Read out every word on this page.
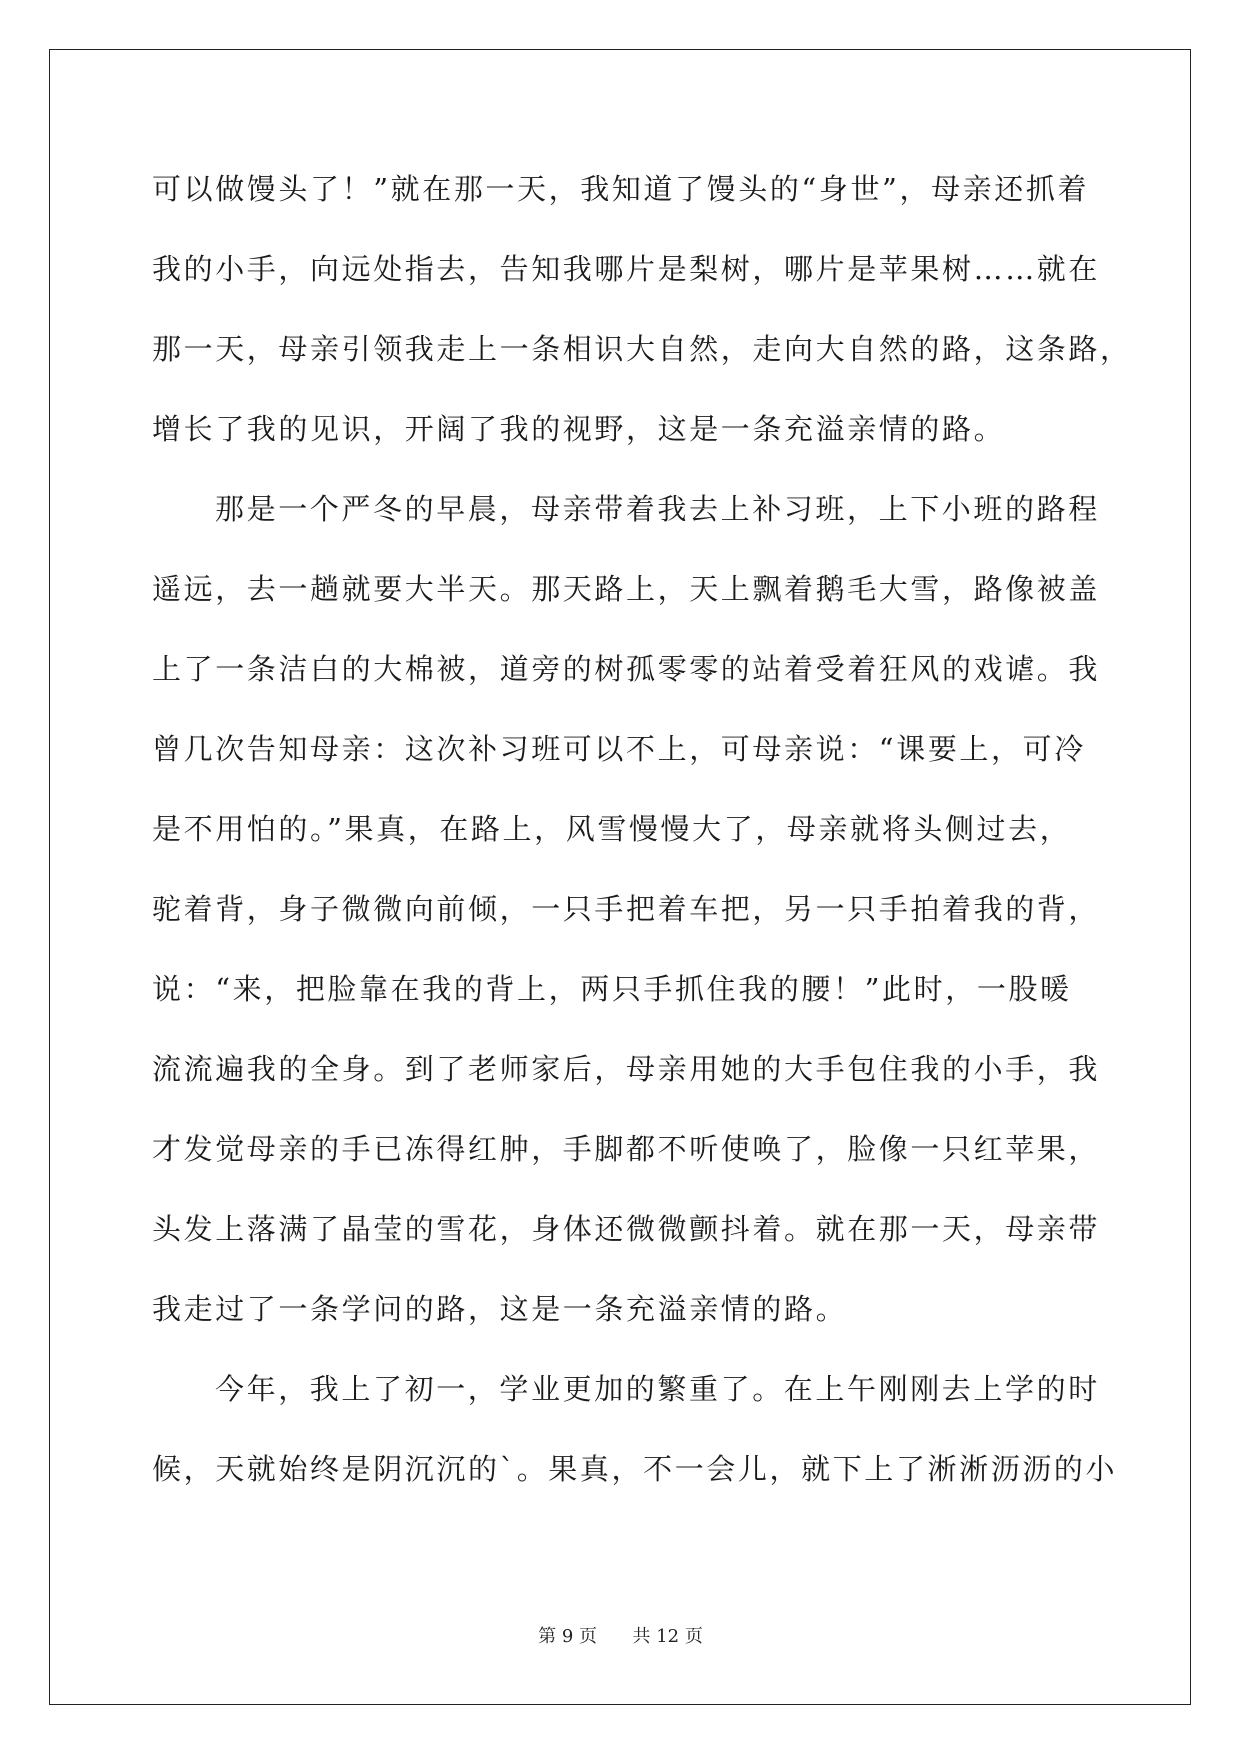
可以做馒头了！”就在那一天，我知道了馒头的“身世”，母亲还抓着
我的小手，向远处指去，告知我哪片是梨树，哪片是苹果树……就在
那一天，母亲引领我走上一条相识大自然，走向大自然的路，这条路，
增长了我的见识，开阔了我的视野，这是一条充溢亲情的路。
那是一个严冬的早晨，母亲带着我去上补习班，上下小班的路程
遥远，去一趟就要大半天。那天路上，天上飘着鹅毛大雪，路像被盖
上了一条洁白的大棉被，道旁的树孤零零的站着受着狂风的戏谑。我
曾几次告知母亲：这次补习班可以不上，可母亲说：“课要上，可冷
是不用怕的。”果真，在路上，风雪慢慢大了，母亲就将头侧过去，
驼着背，身子微微向前倾，一只手把着车把，另一只手拍着我的背，
说：“来，把脸靠在我的背上，两只手抓住我的腰！”此时，一股暖
流流遍我的全身。到了老师家后，母亲用她的大手包住我的小手，我
才发觉母亲的手已冻得红肿，手脚都不听使唤了，脸像一只红苹果，
头发上落满了晶莹的雪花，身体还微微颤抖着。就在那一天，母亲带
我走过了一条学问的路，这是一条充溢亲情的路。
今年，我上了初一，学业更加的繁重了。在上午刚刚去上学的时
候，天就始终是阴沉沉的`。果真，不一会儿，就下上了淅淅沥沥的小
第 9 页 共 12 页
